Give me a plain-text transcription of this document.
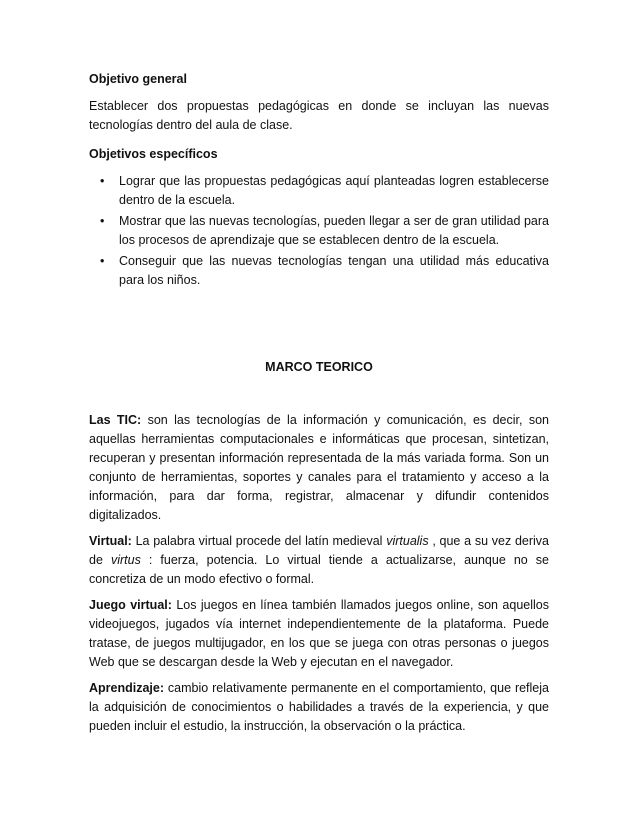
Objetivo general

Establecer dos propuestas pedagógicas en donde se incluyan las nuevas tecnologías dentro del aula de clase.

Objetivos específicos

• Lograr que las propuestas pedagógicas aquí planteadas logren establecerse dentro de la escuela.
• Mostrar que las nuevas tecnologías, pueden llegar a ser de gran utilidad para los procesos de aprendizaje que se establecen dentro de la escuela.
• Conseguir que las nuevas tecnologías tengan una utilidad más educativa para los niños.

MARCO TEORICO

Las TIC: son las tecnologías de la información y comunicación, es decir, son aquellas herramientas computacionales e informáticas que procesan, sintetizan, recuperan y presentan información representada de la más variada forma. Son un conjunto de herramientas, soportes y canales para el tratamiento y acceso a la información, para dar forma, registrar, almacenar y difundir contenidos digitalizados.

Virtual: La palabra virtual procede del latín medieval virtualis , que a su vez deriva de virtus : fuerza, potencia. Lo virtual tiende a actualizarse, aunque no se concretiza de un modo efectivo o formal.

Juego virtual: Los juegos en línea también llamados juegos online, son aquellos videojuegos, jugados vía internet independientemente de la plataforma. Puede tratase, de juegos multijugador, en los que se juega con otras personas o juegos Web que se descargan desde la Web y ejecutan en el navegador.

Aprendizaje: cambio relativamente permanente en el comportamiento, que refleja la adquisición de conocimientos o habilidades a través de la experiencia, y que pueden incluir el estudio, la instrucción, la observación o la práctica.
